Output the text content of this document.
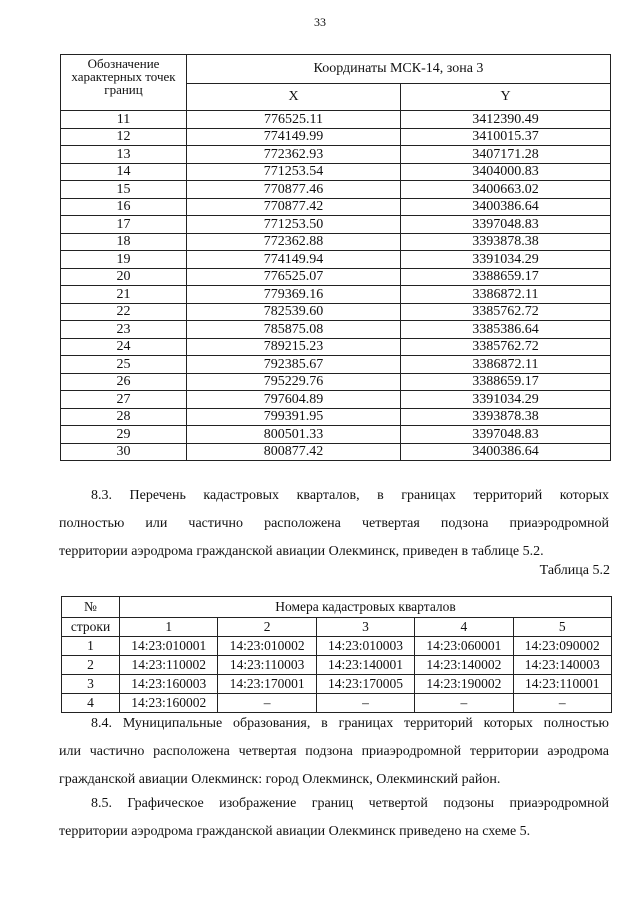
33
Обозначение характерных точек границ	Координаты МСК-14, зона 3	
	X	Y
11	776525.11	3412390.49
12	774149.99	3410015.37
13	772362.93	3407171.28
14	771253.54	3404000.83
15	770877.46	3400663.02
16	770877.42	3400386.64
17	771253.50	3397048.83
18	772362.88	3393878.38
19	774149.94	3391034.29
20	776525.07	3388659.17
21	779369.16	3386872.11
22	782539.60	3385762.72
23	785875.08	3385386.64
24	789215.23	3385762.72
25	792385.67	3386872.11
26	795229.76	3388659.17
27	797604.89	3391034.29
28	799391.95	3393878.38
29	800501.33	3397048.83
30	800877.42	3400386.64
8.3. Перечень кадастровых кварталов, в границах территорий которых
полностью или частично расположена четвертая подзона приаэродромной
территории аэродрома гражданской авиации Олекминск, приведен в таблице 5.2.
Таблица 5.2
№	Номера кадастровых кварталов				
строки	1	2	3	4	5
1	14:23:010001	14:23:010002	14:23:010003	14:23:060001	14:23:090002
2	14:23:110002	14:23:110003	14:23:140001	14:23:140002	14:23:140003
3	14:23:160003	14:23:170001	14:23:170005	14:23:190002	14:23:110001
4	14:23:160002	–	–	–	–
8.4. Муниципальные образования, в границах территорий которых полностью
или частично расположена четвертая подзона приаэродромной территории аэродрома
гражданской авиации Олекминск: город Олекминск, Олекминский район.
8.5. Графическое изображение границ четвертой подзоны приаэродромной
территории аэродрома гражданской авиации Олекминск приведено на схеме 5.
